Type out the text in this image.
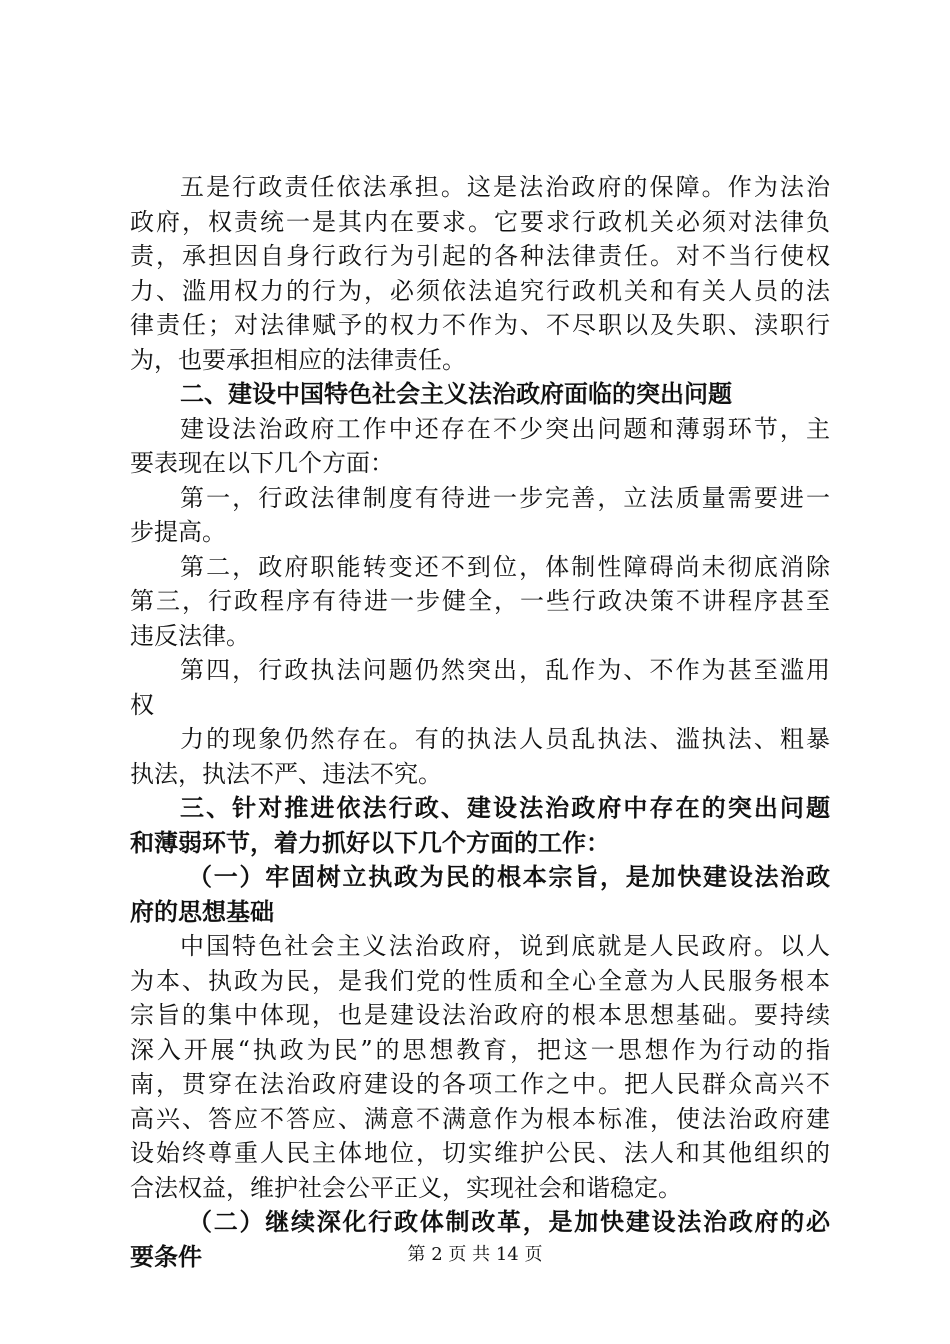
五是行政责任依法承担。这是法治政府的保障。作为法治
政府，权责统一是其内在要求。它要求行政机关必须对法律负
责，承担因自身行政行为引起的各种法律责任。对不当行使权
力、滥用权力的行为，必须依法追究行政机关和有关人员的法
律责任；对法律赋予的权力不作为、不尽职以及失职、渎职行
为，也要承担相应的法律责任。
二、建设中国特色社会主义法治政府面临的突出问题
建设法治政府工作中还存在不少突出问题和薄弱环节，主
要表现在以下几个方面：
第一，行政法律制度有待进一步完善，立法质量需要进一
步提高。
第二，政府职能转变还不到位，体制性障碍尚未彻底消除
第三，行政程序有待进一步健全，一些行政决策不讲程序甚至
违反法律。
第四，行政执法问题仍然突出，乱作为、不作为甚至滥用
权
力的现象仍然存在。有的执法人员乱执法、滥执法、粗暴
执法，执法不严、违法不究。
三、针对推进依法行政、建设法治政府中存在的突出问题
和薄弱环节，着力抓好以下几个方面的工作：
（一）牢固树立执政为民的根本宗旨，是加快建设法治政
府的思想基础
中国特色社会主义法治政府，说到底就是人民政府。以人
为本、执政为民，是我们党的性质和全心全意为人民服务根本
宗旨的集中体现，也是建设法治政府的根本思想基础。要持续
深入开展“执政为民”的思想教育，把这一思想作为行动的指
南，贯穿在法治政府建设的各项工作之中。把人民群众高兴不
高兴、答应不答应、满意不满意作为根本标准，使法治政府建
设始终尊重人民主体地位，切实维护公民、法人和其他组织的
合法权益，维护社会公平正义，实现社会和谐稳定。
（二）继续深化行政体制改革，是加快建设法治政府的必
要条件	第 2 页 共 14 页
